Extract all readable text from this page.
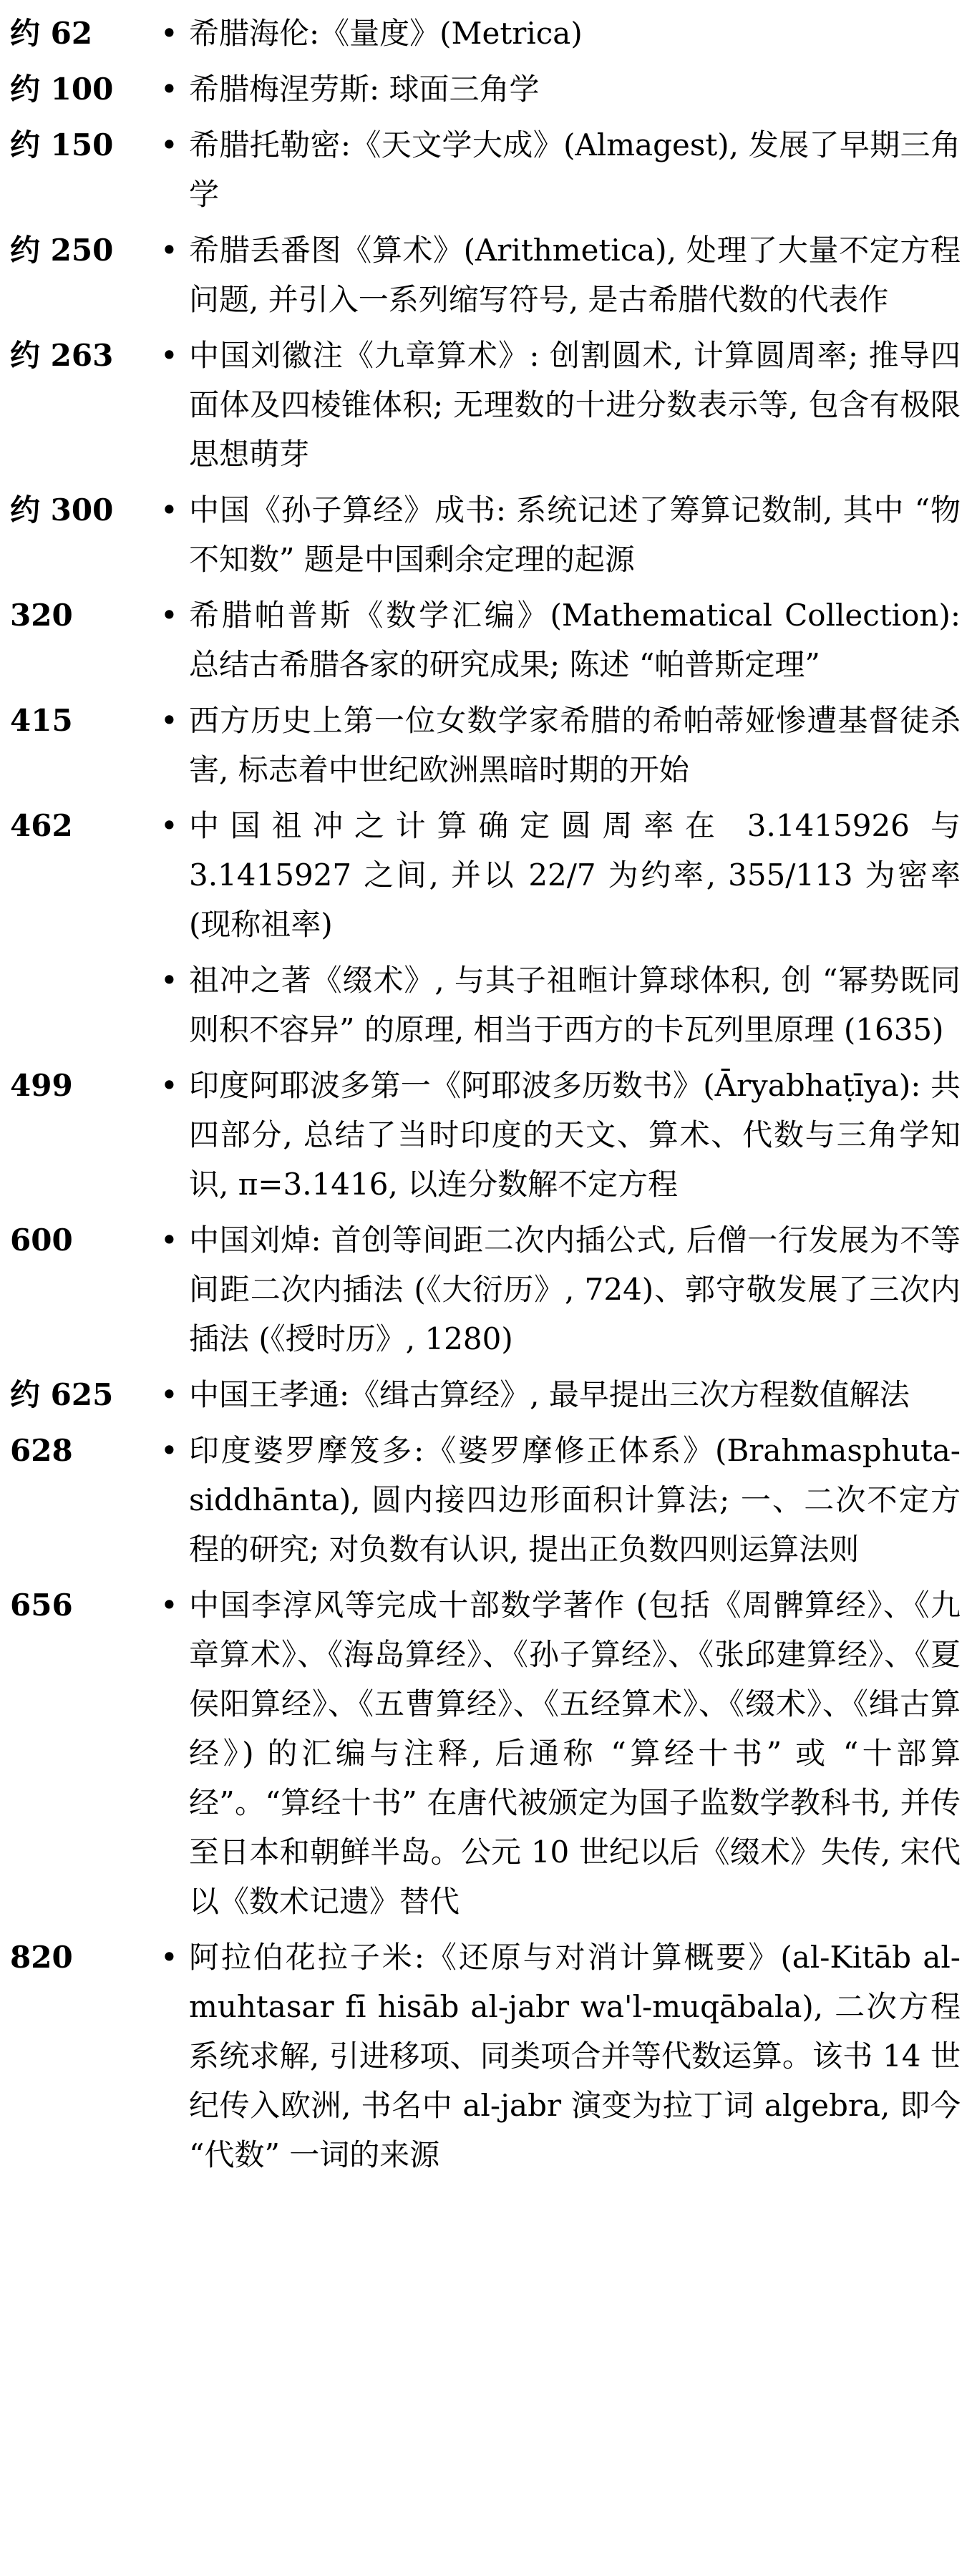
约 62	• 希腊海伦:《量度》(Metrica)
约 100	• 希腊梅涅劳斯: 球面三角学
约 150	• 希腊托勒密:《天文学大成》(Almagest), 发展了早期三角学
约 250	• 希腊丢番图《算术》(Arithmetica), 处理了大量不定方程问题, 并引入一系列缩写符号, 是古希腊代数的代表作
约 263	• 中国刘徽注《九章算术》: 创割圆术, 计算圆周率; 推导四面体及四棱锥体积; 无理数的十进分数表示等, 包含有极限思想萌芽
约 300	• 中国《孙子算经》成书: 系统记述了筹算记数制, 其中 “物不知数” 题是中国剩余定理的起源
320	• 希腊帕普斯《数学汇编》(Mathematical Collection): 总结古希腊各家的研究成果; 陈述 “帕普斯定理”
415	• 西方历史上第一位女数学家希腊的希帕蒂娅惨遭基督徒杀害, 标志着中世纪欧洲黑暗时期的开始
462	• 中国祖冲之计算确定圆周率在 3.1415926 与 3.1415927 之间, 并以 22/7 为约率, 355/113 为密率 (现称祖率)
• 祖冲之著《缀术》, 与其子祖暅计算球体积, 创 “幂势既同则积不容异” 的原理, 相当于西方的卡瓦列里原理 (1635)
499	• 印度阿耶波多第一《阿耶波多历数书》(Āryabhaṭīya): 共四部分, 总结了当时印度的天文、算术、代数与三角学知识, π=3.1416, 以连分数解不定方程
600	• 中国刘焯: 首创等间距二次内插公式, 后僧一行发展为不等间距二次内插法 (《大衍历》, 724)、郭守敬发展了三次内插法 (《授时历》, 1280)
约 625	• 中国王孝通:《缉古算经》, 最早提出三次方程数值解法
628	• 印度婆罗摩笈多:《婆罗摩修正体系》(Brahmasphuta-siddhānta), 圆内接四边形面积计算法; 一、二次不定方程的研究; 对负数有认识, 提出正负数四则运算法则
656	• 中国李淳风等完成十部数学著作 (包括《周髀算经》、《九章算术》、《海岛算经》、《孙子算经》、《张邱建算经》、《夏侯阳算经》、《五曹算经》、《五经算术》、《缀术》、《缉古算经》) 的汇编与注释, 后通称 “算经十书” 或 “十部算经”。“算经十书” 在唐代被颁定为国子监数学教科书, 并传至日本和朝鲜半岛。公元 10 世纪以后《缀术》失传, 宋代以《数术记遗》替代
820	• 阿拉伯花拉子米:《还原与对消计算概要》(al-Kitāb al-muhtasar fī hisāb al-jabr wa'l-muqābala), 二次方程系统求解, 引进移项、同类项合并等代数运算。该书 14 世纪传入欧洲, 书名中 al-jabr 演变为拉丁词 algebra, 即今 “代数” 一词的来源
